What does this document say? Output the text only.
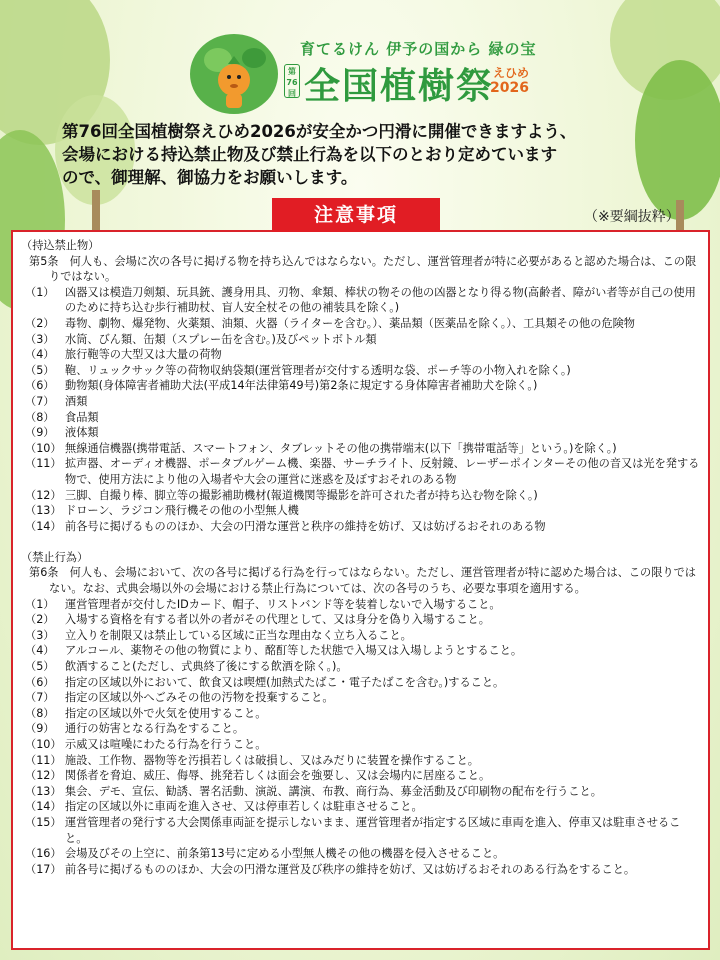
育てるけん 伊予の国から 緑の宝
第76回 全国植樹祭
えひめ
2026
第76回全国植樹祭えひめ2026が安全かつ円滑に開催できますよう、
会場における持込禁止物及び禁止行為を以下のとおり定めています
ので、御理解、御協力をお願いします。
注意事項	（※要綱抜粋）
（持込禁止物）
第5条　何人も、会場に次の各号に掲げる物を持ち込んではならない。ただし、運営管理者が特に必要があると認めた場合は、この限りではない。
（1） 凶器又は模造刀剣類、玩具銃、護身用具、刃物、傘類、棒状の物その他の凶器となり得る物(高齢者、障がい者等が自己の使用のために持ち込む歩行補助杖、盲人安全杖その他の補装具を除く。)
（2） 毒物、劇物、爆発物、火薬類、油類、火器（ライターを含む。）、薬品類（医薬品を除く。）、工具類その他の危険物
（3） 水筒、びん類、缶類（スプレー缶を含む。)及びペットボトル類
（4） 旅行鞄等の大型又は大量の荷物
（5） 鞄、リュックサック等の荷物収納袋類(運営管理者が交付する透明な袋、ポーチ等の小物入れを除く。)
（6） 動物類(身体障害者補助犬法(平成14年法律第49号)第2条に規定する身体障害者補助犬を除く。)
（7） 酒類
（8） 食品類
（9） 液体類
（10） 無線通信機器(携帯電話、スマートフォン、タブレットその他の携帯端末(以下「携帯電話等」という。)を除く。)
（11） 拡声器、オーディオ機器、ポータブルゲーム機、楽器、サーチライト、反射鏡、レーザーポインターその他の音又は光を発する物で、使用方法により他の入場者や大会の運営に迷惑を及ぼすおそれのある物
（12） 三脚、自撮り棒、脚立等の撮影補助機材(報道機関等撮影を許可された者が持ち込む物を除く。)
（13） ドローン、ラジコン飛行機その他の小型無人機
（14） 前各号に掲げるもののほか、大会の円滑な運営と秩序の維持を妨げ、又は妨げるおそれのある物
（禁止行為）
第6条　何人も、会場において、次の各号に掲げる行為を行ってはならない。ただし、運営管理者が特に認めた場合は、この限りではない。なお、式典会場以外の会場における禁止行為については、次の各号のうち、必要な事項を適用する。
（1） 運営管理者が交付したIDカード、帽子、リストバンド等を装着しないで入場すること。
（2） 入場する資格を有する者以外の者がその代理として、又は身分を偽り入場すること。
（3） 立入りを制限又は禁止している区域に正当な理由なく立ち入ること。
（4） アルコール、薬物その他の物質により、酩酊等した状態で入場又は入場しようとすること。
（5） 飲酒すること(ただし、式典終了後にする飲酒を除く。)。
（6） 指定の区域以外において、飲食又は喫煙(加熱式たばこ・電子たばこを含む。)すること。
（7） 指定の区域以外へごみその他の汚物を投棄すること。
（8） 指定の区域以外で火気を使用すること。
（9） 通行の妨害となる行為をすること。
（10） 示威又は喧噪にわたる行為を行うこと。
（11） 施設、工作物、器物等を汚損若しくは破損し、又はみだりに装置を操作すること。
（12） 関係者を脅迫、威圧、侮辱、挑発若しくは面会を強要し、又は会場内に居座ること。
（13） 集会、デモ、宣伝、勧誘、署名活動、演説、講演、布教、商行為、募金活動及び印刷物の配布を行うこと。
（14） 指定の区域以外に車両を進入させ、又は停車若しくは駐車させること。
（15） 運営管理者の発行する大会関係車両証を提示しないまま、運営管理者が指定する区域に車両を進入、停車又は駐車させること。
（16） 会場及びその上空に、前条第13号に定める小型無人機その他の機器を侵入させること。
（17） 前各号に掲げるもののほか、大会の円滑な運営及び秩序の維持を妨げ、又は妨げるおそれのある行為をすること。
